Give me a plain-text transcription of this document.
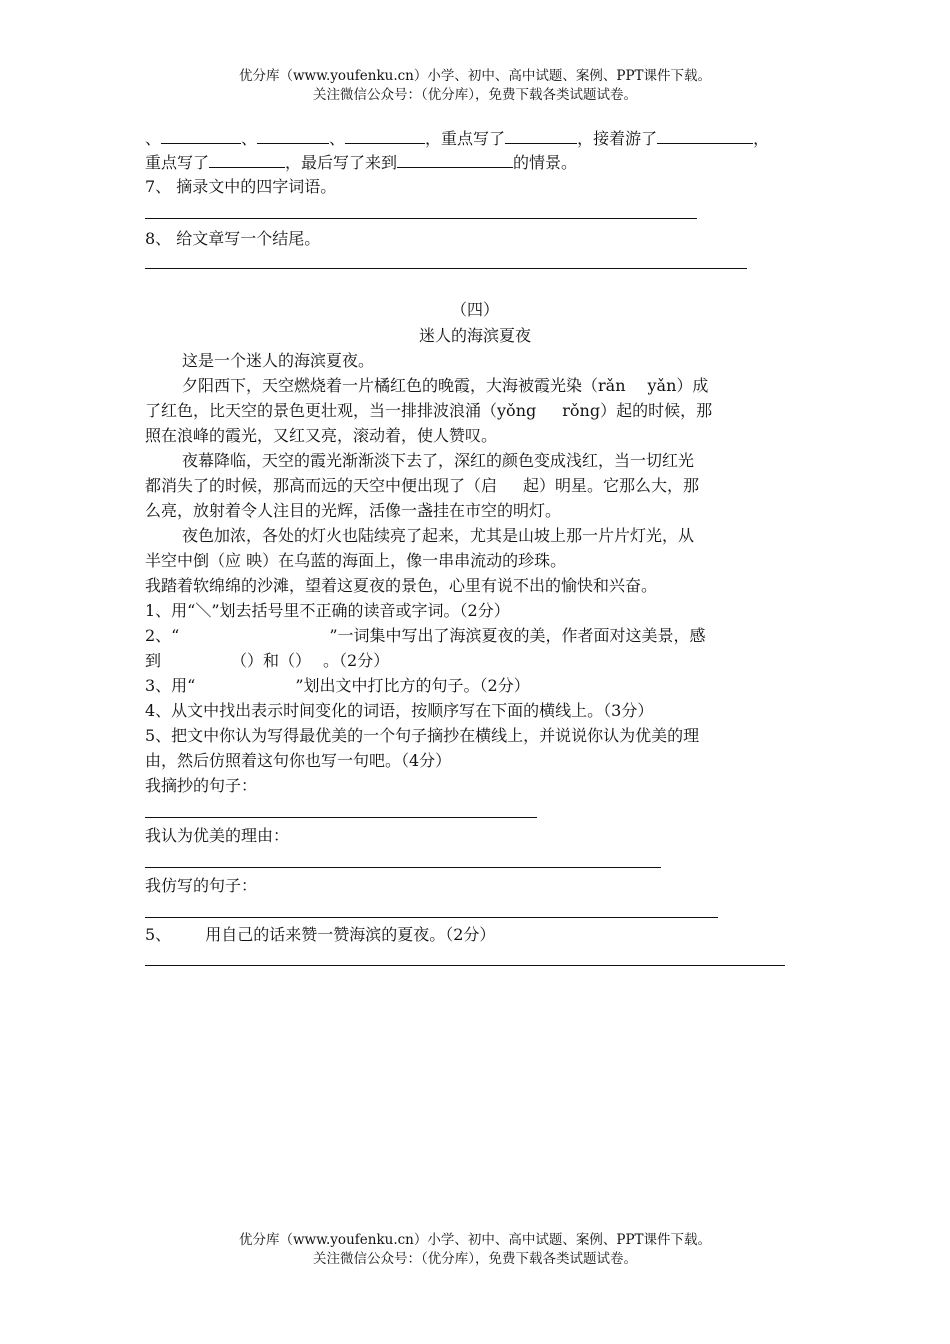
优分库（www.youfenku.cn）小学、初中、高中试题、案例、PPT课件下载。
关注微信公众号：（优分库），免费下载各类试题试卷。
、	、	、	，重点写了	，接着游了	，
重点写了	，最后写了来到	的情景。
7、 摘录文中的四字词语。
8、 给文章写一个结尾。
（四）
迷人的海滨夏夜
这是一个迷人的海滨夏夜。
夕阳西下，天空燃烧着一片橘红色的晚霞，大海被霞光染（rǎn yǎn）成
了红色，比天空的景色更壮观，当一排排波浪涌（yǒng rǒng）起的时候，那
照在浪峰的霞光，又红又亮，滚动着，使人赞叹。
夜幕降临，天空的霞光渐渐淡下去了，深红的颜色变成浅红，当一切红光
都消失了的时候，那高而远的天空中便出现了（启 起）明星。它那么大，那
么亮，放射着令人注目的光辉，活像一盏挂在市空的明灯。
夜色加浓，各处的灯火也陆续亮了起来，尤其是山坡上那一片片灯光，从
半空中倒（应 映）在乌蓝的海面上，像一串串流动的珍珠。
我踏着软绵绵的沙滩，望着这夏夜的景色，心里有说不出的愉快和兴奋。
1、用“＼”划去括号里不正确的读音或字词。（2分）
2、“	”一词集中写出了海滨夏夜的美，作者面对这美景，感
到	（）和（） 。（2分）
3、用“	”划出文中打比方的句子。（2分）
4、从文中找出表示时间变化的词语，按顺序写在下面的横线上。（3分）
5、把文中你认为写得最优美的一个句子摘抄在横线上，并说说你认为优美的理
由，然后仿照着这句你也写一句吧。（4分）
我摘抄的句子：
我认为优美的理由：
我仿写的句子：
5、 用自己的话来赞一赞海滨的夏夜。（2分）
优分库（www.youfenku.cn）小学、初中、高中试题、案例、PPT课件下载。
关注微信公众号：（优分库），免费下载各类试题试卷。
